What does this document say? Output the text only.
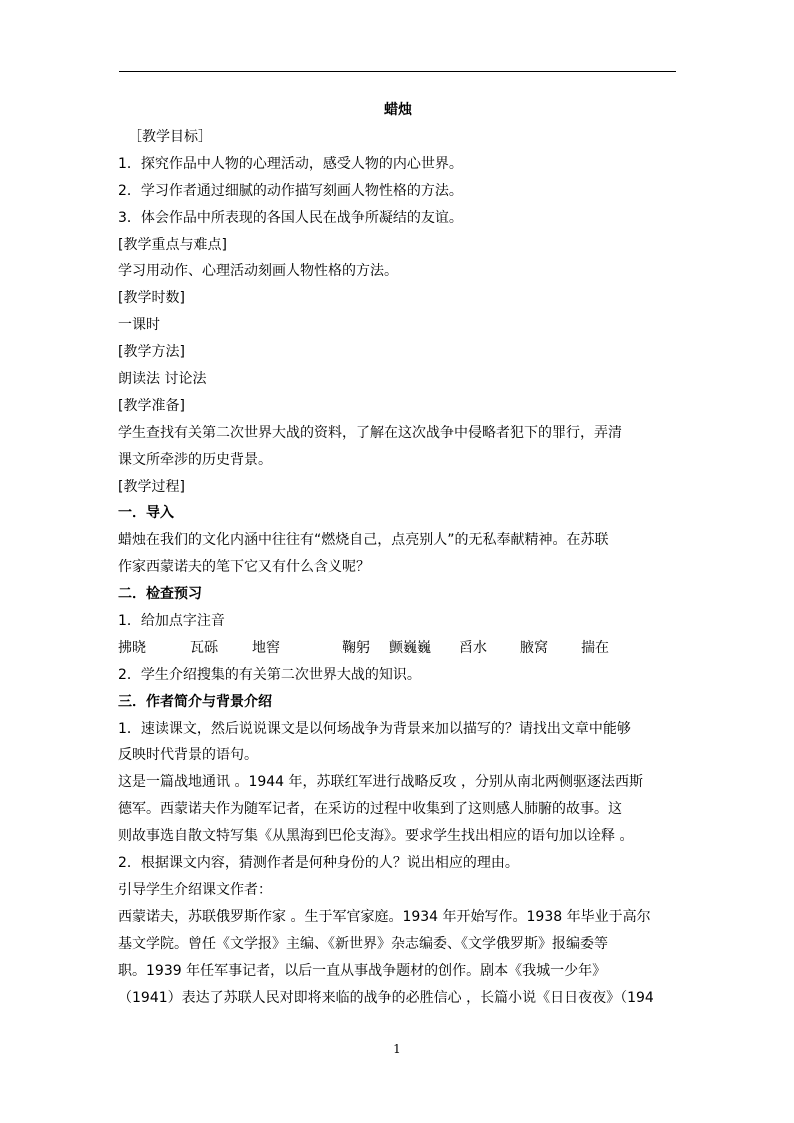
蜡烛
［教学目标］
1．探究作品中人物的心理活动，感受人物的内心世界。
2．学习作者通过细腻的动作描写刻画人物性格的方法。
3．体会作品中所表现的各国人民在战争所凝结的友谊。
[教学重点与难点]
学习用动作、心理活动刻画人物性格的方法。
[教学时数]
一课时
[教学方法]
朗读法 讨论法
[教学准备]
学生查找有关第二次世界大战的资料，了解在这次战争中侵略者犯下的罪行，弄清
课文所牵涉的历史背景。
[教学过程]
一．导入
蜡烛在我们的文化内涵中往往有“燃烧自己，点亮别人”的无私奉献精神。在苏联
作家西蒙诺夫的笔下它又有什么含义呢？
二．检查预习
1．给加点字注音
拂晓	瓦砾 地窖	鞠躬 颤巍巍 舀水 腋窝 揣在
2．学生介绍搜集的有关第二次世界大战的知识。
三．作者简介与背景介绍
1．速读课文，然后说说课文是以何场战争为背景来加以描写的？请找出文章中能够
反映时代背景的语句。
这是一篇战地通讯 。1944 年，苏联红军进行战略反攻 ，分别从南北两侧驱逐法西斯
德军。西蒙诺夫作为随军记者，在采访的过程中收集到了这则感人肺腑的故事。这
则故事选自散文特写集《从黑海到巴伦支海》。要求学生找出相应的语句加以诠释 。
2．根据课文内容，猜测作者是何种身份的人？说出相应的理由。
引导学生介绍课文作者：
西蒙诺夫，苏联俄罗斯作家 。生于军官家庭。1934 年开始写作。1938 年毕业于高尔
基文学院。曾任《文学报》主编、《新世界》杂志编委、《文学俄罗斯》报编委等
职。1939 年任军事记者，以后一直从事战争题材的创作。剧本《我城一少年》
（1941）表达了苏联人民对即将来临的战争的必胜信心 ，长篇小说《日日夜夜》（194
1
